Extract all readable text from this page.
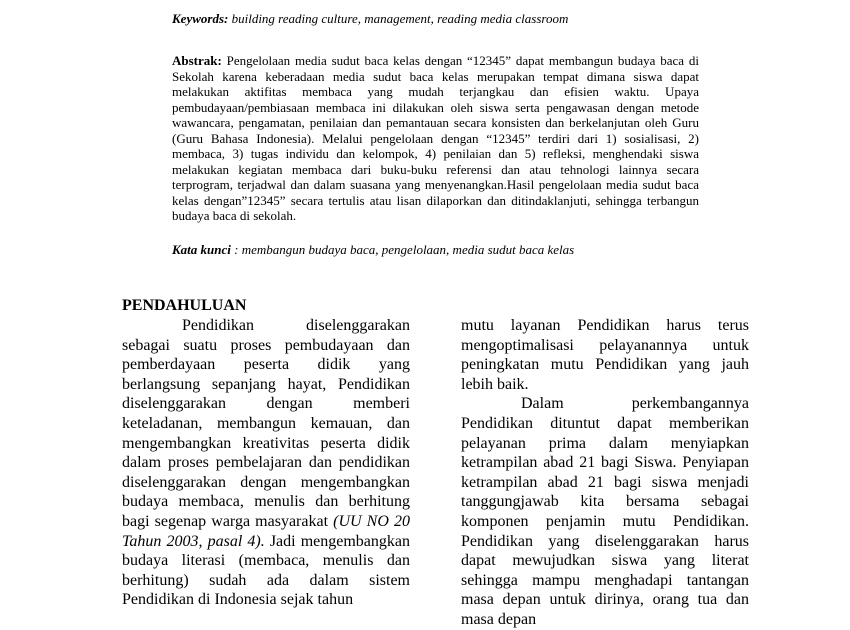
Keywords: building reading culture, management, reading media classroom
Abstrak: Pengelolaan media sudut baca kelas dengan “12345” dapat membangun budaya baca di Sekolah karena keberadaan media sudut baca kelas merupakan tempat dimana siswa dapat melakukan aktifitas membaca yang mudah terjangkau dan efisien waktu. Upaya pembudayaan/pembiasaan membaca ini dilakukan oleh siswa serta pengawasan dengan metode wawancara, pengamatan, penilaian dan pemantauan secara konsisten dan berkelanjutan oleh Guru (Guru Bahasa Indonesia). Melalui pengelolaan dengan “12345” terdiri dari 1) sosialisasi, 2) membaca, 3) tugas individu dan kelompok, 4) penilaian dan 5) refleksi, menghendaki siswa melakukan kegiatan membaca dari buku-buku referensi dan atau tehnologi lainnya secara terprogram, terjadwal dan dalam suasana yang menyenangkan.Hasil pengelolaan media sudut baca kelas dengan”12345” secara tertulis atau lisan dilaporkan dan ditindaklanjuti, sehingga terbangun budaya baca di sekolah.
Kata kunci : membangun budaya baca, pengelolaan, media sudut baca kelas
PENDAHULUAN

Pendidikan diselenggarakan sebagai suatu proses pembudayaan dan pemberdayaan peserta didik yang berlangsung sepanjang hayat, Pendidikan diselenggarakan dengan memberi keteladanan, membangun kemauan, dan mengembangkan kreativitas peserta didik dalam proses pembelajaran dan pendidikan diselenggarakan dengan mengembangkan budaya membaca, menulis dan berhitung bagi segenap warga masyarakat (UU NO 20 Tahun 2003, pasal 4). Jadi mengembangkan budaya literasi (membaca, menulis dan berhitung) sudah ada dalam sistem Pendidikan di Indonesia sejak tahun

mutu layanan Pendidikan harus terus mengoptimalisasi pelayanannya untuk peningkatan mutu Pendidikan yang jauh lebih baik.

Dalam perkembangannya Pendidikan dituntut dapat memberikan pelayanan prima dalam menyiapkan ketrampilan abad 21 bagi Siswa. Penyiapan ketrampilan abad 21 bagi siswa menjadi tanggungjawab kita bersama sebagai komponen penjamin mutu Pendidikan. Pendidikan yang diselenggarakan harus dapat mewujudkan siswa yang literat sehingga mampu menghadapi tantangan masa depan untuk dirinya, orang tua dan masa depan
